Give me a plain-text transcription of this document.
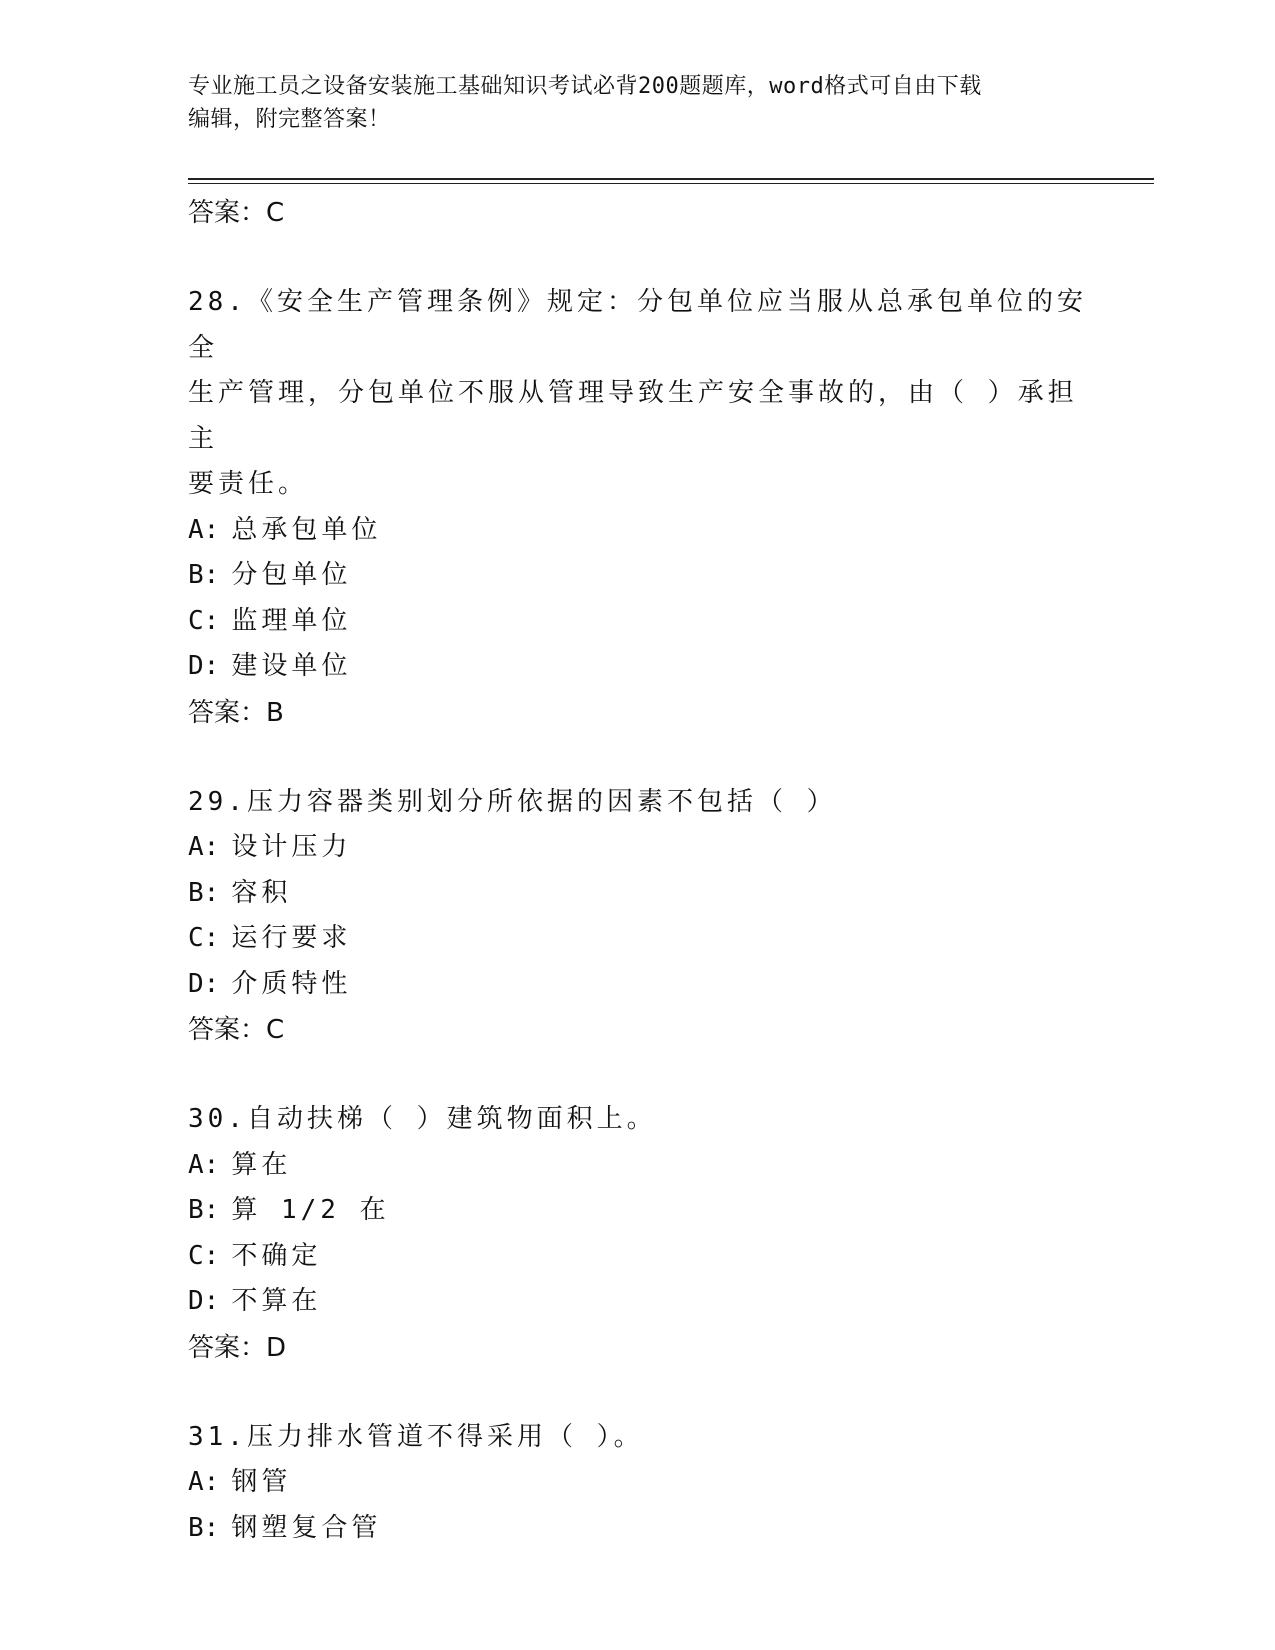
专业施工员之设备安装施工基础知识考试必背200题题库，word格式可自由下载
编辑，附完整答案！

答案：C

28.《安全生产管理条例》规定：分包单位应当服从总承包单位的安全

生产管理，分包单位不服从管理导致生产安全事故的，由（ ）承担主

要责任。

A: 总承包单位

B: 分包单位

C: 监理单位

D: 建设单位

答案：B

29.压力容器类别划分所依据的因素不包括（ ）

A: 设计压力

B: 容积

C: 运行要求

D: 介质特性

答案：C

30.自动扶梯（ ）建筑物面积上。

A: 算在

B: 算 1/2 在

C: 不确定

D: 不算在

答案：D

31.压力排水管道不得采用（ ）。

A: 钢管

B: 钢塑复合管
